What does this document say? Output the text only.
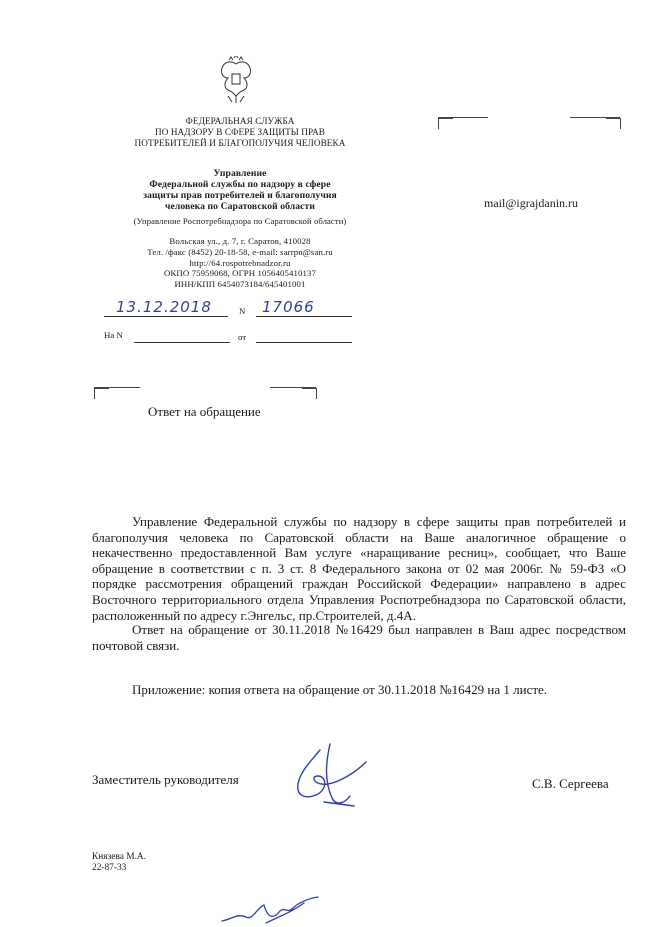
ФЕДЕРАЛЬНАЯ СЛУЖБА
ПО НАДЗОРУ В СФЕРЕ ЗАЩИТЫ ПРАВ
ПОТРЕБИТЕЛЕЙ И БЛАГОПОЛУЧИЯ ЧЕЛОВЕКА
Управление
Федеральной службы по надзору в сфере
защиты прав потребителей и благополучия
человека по Саратовской области
(Управление Роспотребнадзора по Саратовской области)
Вольская ул., д. 7, г. Саратов, 410028
Тел. /факс (8452) 20-18-58, e-mail: sarrpn@san.ru
http://64.rospotrebnadzor.ru
ОКПО 75959068, ОГРН 1056405410137
ИНН/КПП 6454073184/645401001
13.12.2018	N 17066
На N	от
mail@igrajdanin.ru
Ответ на обращение

Управление Федеральной службы по надзору в сфере защиты прав потребителей и благополучия человека по Саратовской области на Ваше аналогичное обращение о некачественно предоставленной Вам услуге «наращивание ресниц», сообщает, что Ваше обращение в соответствии с п. 3 ст. 8 Федерального закона от 02 мая 2006г. № 59-ФЗ «О порядке рассмотрения обращений граждан Российской Федерации» направлено в адрес Восточного территориального отдела Управления Роспотребнадзора по Саратовской области, расположенный по адресу г.Энгельс, пр.Строителей, д.4А.

Ответ на обращение от 30.11.2018 №16429 был направлен в Ваш адрес посредством почтовой связи.

Приложение: копия ответа на обращение от 30.11.2018 №16429 на 1 листе.
Заместитель руководителя	С.В. Сергеева
Князева М.А.
22-87-33
